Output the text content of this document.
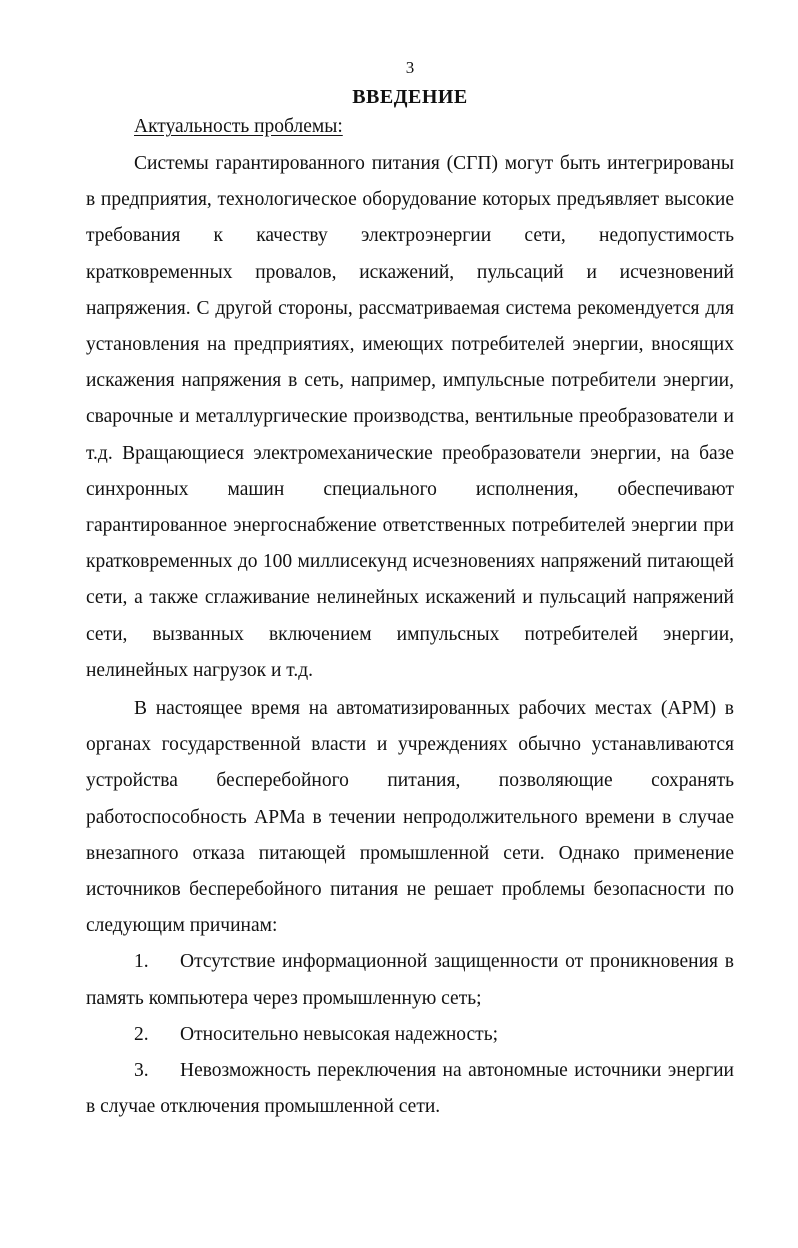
3
ВВЕДЕНИЕ
Актуальность проблемы:

Системы гарантированного питания (СГП) могут быть интегрированы в предприятия, технологическое оборудование которых предъявляет высокие требования к качеству электроэнергии сети, недопустимость кратковременных провалов, искажений, пульсаций и исчезновений напряжения. С другой стороны, рассматриваемая система рекомендуется для установления на предприятиях, имеющих потребителей энергии, вносящих искажения напряжения в сеть, например, импульсные потребители энергии, сварочные и металлургические производства, вентильные преобразователи и т.д. Вращающиеся электромеханические преобразователи энергии, на базе синхронных машин специального исполнения, обеспечивают гарантированное энергоснабжение ответственных потребителей энергии при кратковременных до 100 миллисекунд исчезновениях напряжений питающей сети, а также сглаживание нелинейных искажений и пульсаций напряжений сети, вызванных включением импульсных потребителей энергии, нелинейных нагрузок и т.д.

В настоящее время на автоматизированных рабочих местах (АРМ) в органах государственной власти и учреждениях обычно устанавливаются устройства бесперебойного питания, позволяющие сохранять работоспособность АРМа в течении непродолжительного времени в случае внезапного отказа питающей промышленной сети. Однако применение источников бесперебойного питания не решает проблемы безопасности по следующим причинам:

1. Отсутствие информационной защищенности от проникновения в память компьютера через промышленную сеть;

2. Относительно невысокая надежность;

3. Невозможность переключения на автономные источники энергии в случае отключения промышленной сети.
